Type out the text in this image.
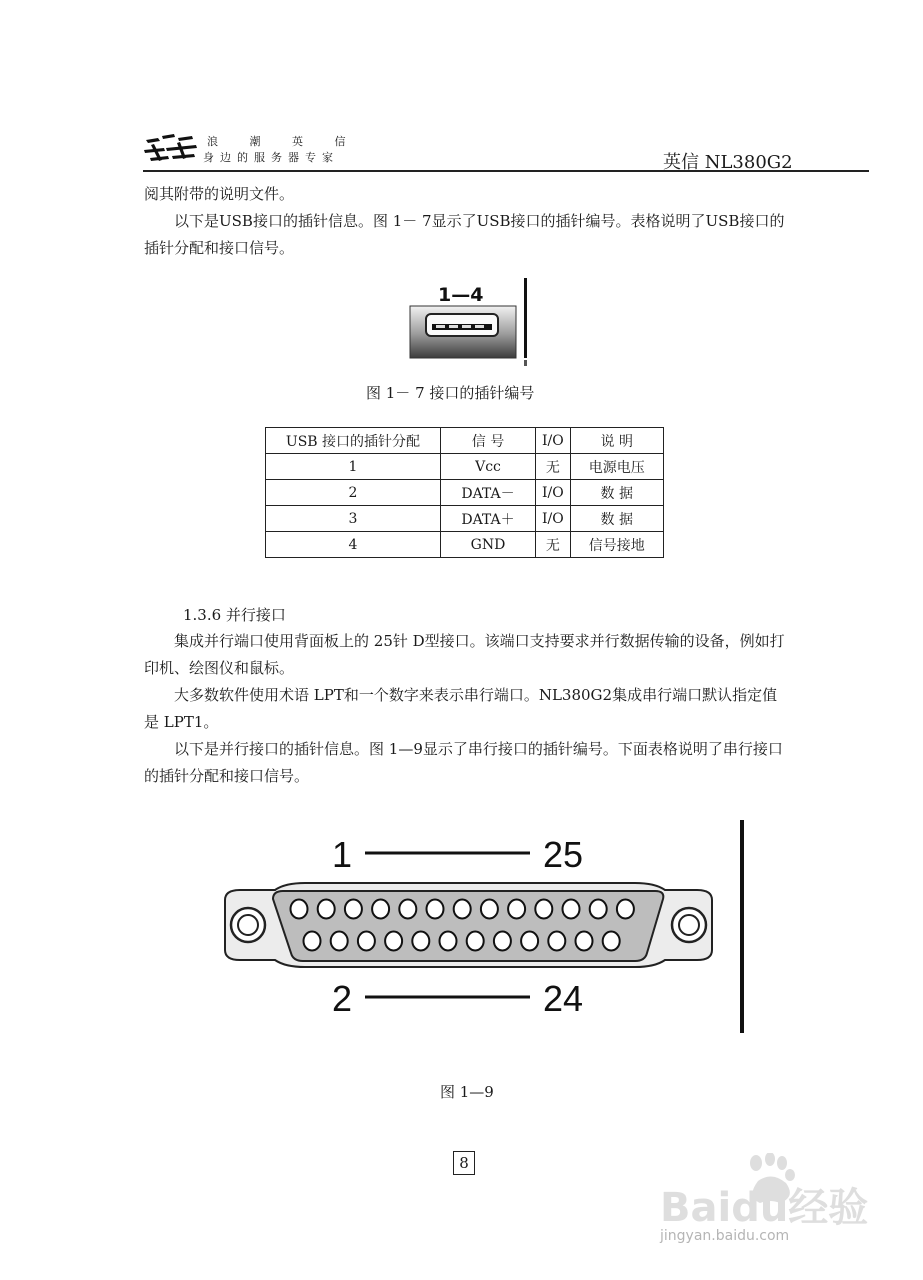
浪 潮 英 信
身边的服务器专家	英信 NL380G2

阅其附带的说明文件。

以下是USB接口的插针信息。图 1－ 7显示了USB接口的插针编号。表格说明了USB接口的插针分配和接口信号。

1—4
图 1－ 7 接口的插针编号
USB 接口的插针分配	信 号	I/O	说 明
1	Vcc	无	电源电压
2	DATA－	I/O	数 据
3	DATA＋	I/O	数 据
4	GND	无	信号接地
1.3.6 并行接口

集成并行端口使用背面板上的 25针 D型接口。该端口支持要求并行数据传输的设备，例如打印机、绘图仪和鼠标。

大多数软件使用术语 LPT和一个数字来表示串行端口。NL380G2集成串行端口默认指定值是 LPT1。

以下是并行接口的插针信息。图 1—9显示了串行接口的插针编号。下面表格说明了串行接口的插针分配和接口信号。

1	25
2	24
图 1—9
8
Baidu经验
jingyan.baidu.com
